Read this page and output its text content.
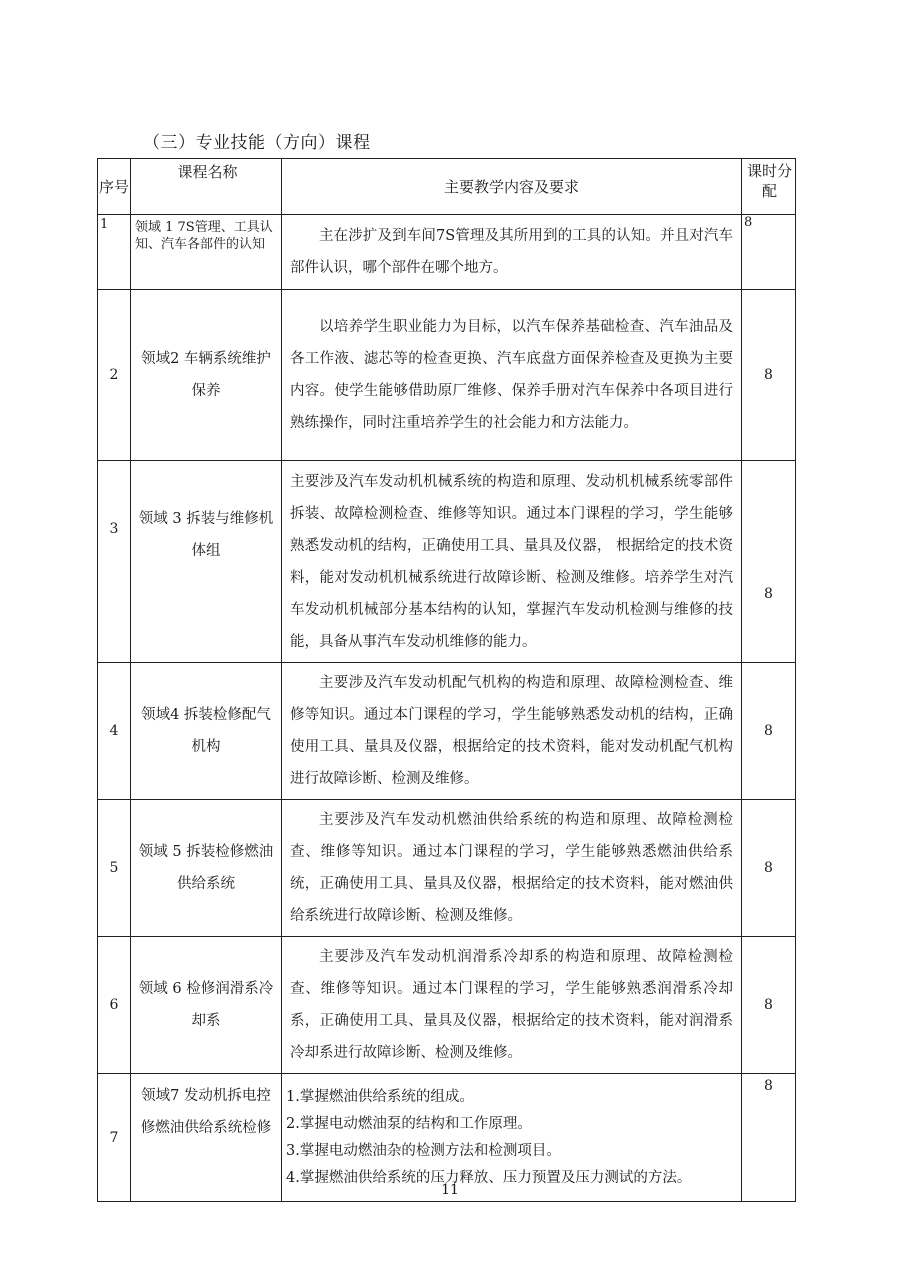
（三）专业技能（方向）课程
序号	课程名称	主要教学内容及要求	课时分配
1	领域 1 7S管理、工具认知、汽车各部件的认知	主在涉扩及到车间7S管理及其所用到的工具的认知。并且对汽车部件认识，哪个部件在哪个地方。	8
2	领域2 车辆系统维护保养	以培养学生职业能力为目标，以汽车保养基础检查、汽车油品及各工作液、滤芯等的检查更换、汽车底盘方面保养检查及更换为主要内容。使学生能够借助原厂维修、保养手册对汽车保养中各项目进行熟练操作，同时注重培养学生的社会能力和方法能力。	8
3	领域 3 拆装与维修机体组	主要涉及汽车发动机机械系统的构造和原理、发动机机械系统零部件拆装、故障检测检查、维修等知识。通过本门课程的学习，学生能够熟悉发动机的结构，正确使用工具、量具及仪器， 根据给定的技术资料，能对发动机机械系统进行故障诊断、检测及维修。培养学生对汽车发动机机械部分基本结构的认知，掌握汽车发动机检测与维修的技能，具备从事汽车发动机维修的能力。	8
4	领域4 拆装检修配气机构	主要涉及汽车发动机配气机构的构造和原理、故障检测检查、维修等知识。通过本门课程的学习，学生能够熟悉发动机的结构，正确使用工具、量具及仪器，根据给定的技术资料，能对发动机配气机构进行故障诊断、检测及维修。	8
5	领域 5 拆装检修燃油供给系统	主要涉及汽车发动机燃油供给系统的构造和原理、故障检测检查、维修等知识。通过本门课程的学习，学生能够熟悉燃油供给系统，正确使用工具、量具及仪器，根据给定的技术资料，能对燃油供给系统进行故障诊断、检测及维修。	8
6	领域 6 检修润滑系冷却系	主要涉及汽车发动机润滑系冷却系的构造和原理、故障检测检查、维修等知识。通过本门课程的学习，学生能够熟悉润滑系冷却系，正确使用工具、量具及仪器，根据给定的技术资料，能对润滑系冷却系进行故障诊断、检测及维修。	8
7	领域7 发动机拆电控修燃油供给系统检修	1.掌握燃油供给系统的组成。
2.掌握电动燃油泵的结构和工作原理。
3.掌握电动燃油杂的检测方法和检测项目。
4.掌握燃油供给系统的压力释放、压力预置及压力测试的方法。	8
11
